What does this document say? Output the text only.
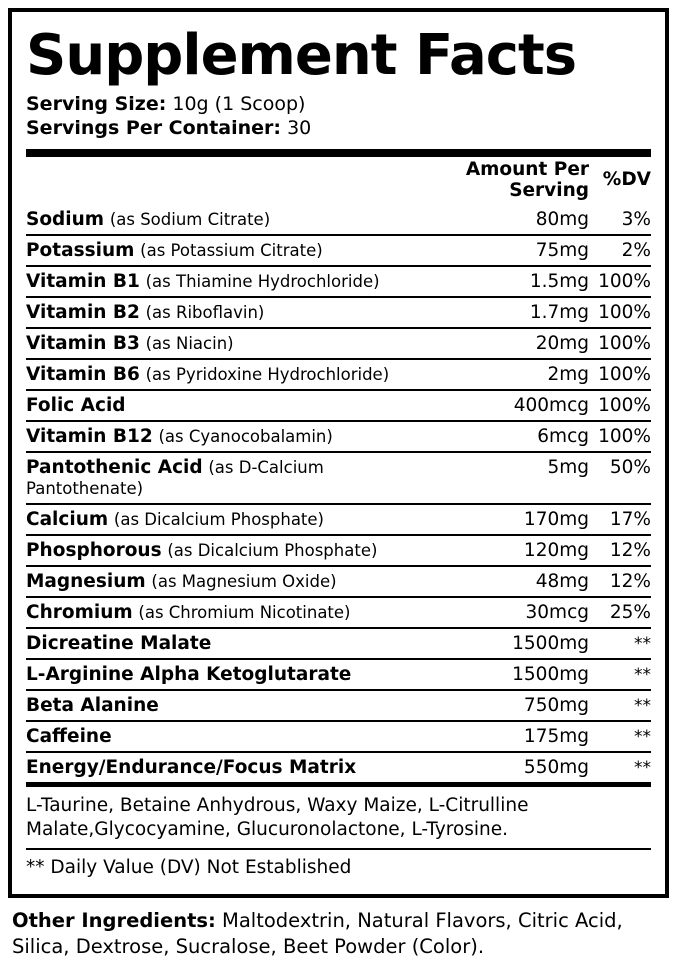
Supplement Facts
Serving Size: 10g (1 Scoop)
Servings Per Container: 30
	Amount Per Serving	%DV
Sodium (as Sodium Citrate)	80mg	3%
Potassium (as Potassium Citrate)	75mg	2%
Vitamin B1 (as Thiamine Hydrochloride)	1.5mg	100%
Vitamin B2 (as Riboflavin)	1.7mg	100%
Vitamin B3 (as Niacin)	20mg	100%
Vitamin B6 (as Pyridoxine Hydrochloride)	2mg	100%
Folic Acid	400mcg	100%
Vitamin B12 (as Cyanocobalamin)	6mcg	100%
Pantothenic Acid (as D-Calcium Pantothenate)	5mg	50%
Calcium (as Dicalcium Phosphate)	170mg	17%
Phosphorous (as Dicalcium Phosphate)	120mg	12%
Magnesium (as Magnesium Oxide)	48mg	12%
Chromium (as Chromium Nicotinate)	30mcg	25%
Dicreatine Malate	1500mg	**
L-Arginine Alpha Ketoglutarate	1500mg	**
Beta Alanine	750mg	**
Caffeine	175mg	**
Energy/Endurance/Focus Matrix	550mg	**
L-Taurine, Betaine Anhydrous, Waxy Maize, L-Citrulline Malate,Glycocyamine, Glucuronolactone, L-Tyrosine.
** Daily Value (DV) Not Established
Other Ingredients: Maltodextrin, Natural Flavors, Citric Acid, Silica, Dextrose, Sucralose, Beet Powder (Color).
